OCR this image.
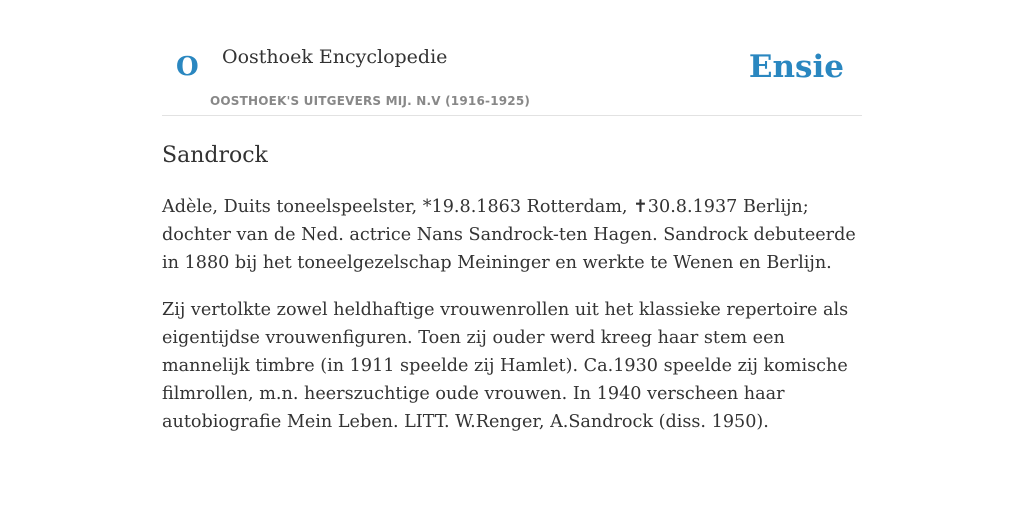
O Oosthoek Encyclopedie
OOSTHOEK'S UITGEVERS MIJ. N.V (1916-1925)
Ensie
Sandrock

Adèle, Duits toneelspeelster, *19.8.1863 Rotterdam, ✝30.8.1937 Berlijn; dochter van de Ned. actrice Nans Sandrock-ten Hagen. Sandrock debuteerde in 1880 bij het toneelgezelschap Meininger en werkte te Wenen en Berlijn.

Zij vertolkte zowel heldhaftige vrouwenrollen uit het klassieke repertoire als eigentijdse vrouwenfiguren. Toen zij ouder werd kreeg haar stem een mannelijk timbre (in 1911 speelde zij Hamlet). Ca.1930 speelde zij komische filmrollen, m.n. heerszuchtige oude vrouwen. In 1940 verscheen haar autobiografie Mein Leben. LITT. W.Renger, A.Sandrock (diss. 1950).
